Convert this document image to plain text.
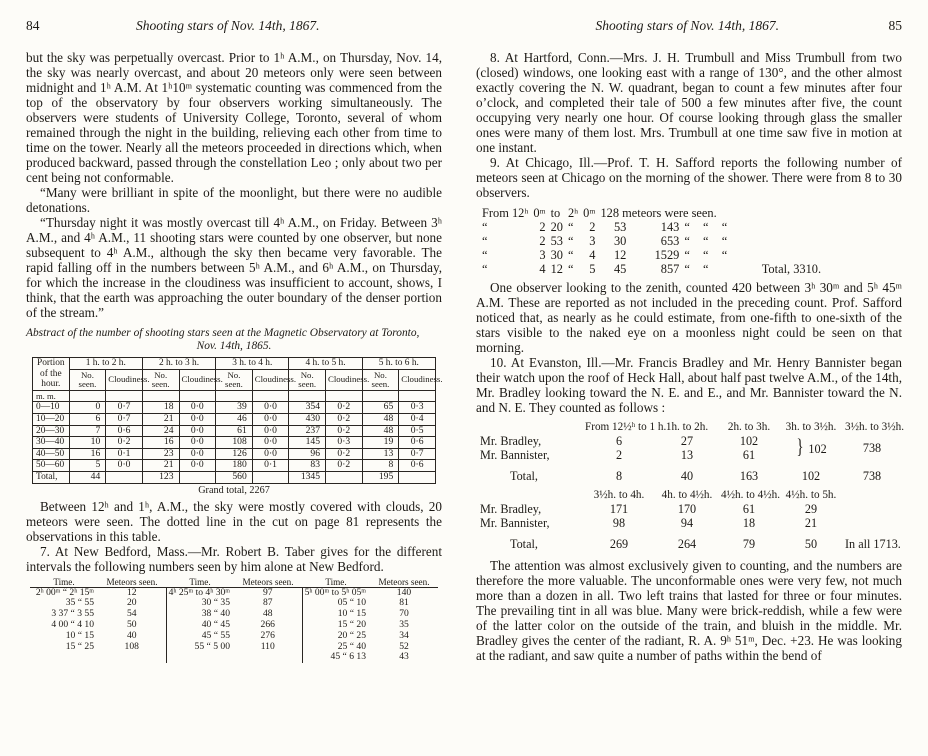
84	Shooting stars of Nov. 14th, 1867.

but the sky was perpetually overcast. Prior to 1ʰ A.M., on Thursday, Nov. 14, the sky was nearly overcast, and about 20 meteors only were seen between midnight and 1ʰ A.M. At 1ʰ10ᵐ systematic counting was commenced from the top of the observatory by four observers working simultaneously. The observers were students of University College, Toronto, several of whom remained through the night in the building, relieving each other from time to time on the tower. Nearly all the meteors proceeded in directions which, when produced backward, passed through the constellation Leo ; only about two per cent being not conformable.

“Many were brilliant in spite of the moonlight, but there were no audible detonations.

“Thursday night it was mostly overcast till 4ʰ A.M., on Friday. Between 3ʰ A.M., and 4ʰ A.M., 11 shooting stars were counted by one observer, but none subsequent to 4ʰ A.M., although the sky then became very favorable. The rapid falling off in the numbers between 5ʰ A.M., and 6ʰ A.M., on Thursday, for which the increase in the cloudiness was insufficient to account, shows, I think, that the earth was approaching the outer boundary of the denser portion of the stream.”

Abstract of the number of shooting stars seen at the Magnetic Observatory at Toronto,
Nov. 14th, 1865.
Portion of the hour.	1 h. to 2 h.		2 h. to 3 h.		3 h. to 4 h.		4 h. to 5 h.		5 h. to 6 h.	
	No. seen.	Cloudiness.	No. seen.	Cloudiness.	No. seen.	Cloudiness.	No. seen.	Cloudiness.	No. seen.	Cloudiness.
m. m.										
0—10	0	0·7	18	0·0	39	0·0	354	0·2	65	0·3
10—20	6	0·7	21	0·0	46	0·0	430	0·2	48	0·4
20—30	7	0·6	24	0·0	61	0·0	237	0·2	48	0·5
30—40	10	0·2	16	0·0	108	0·0	145	0·3	19	0·6
40—50	16	0·1	23	0·0	126	0·0	96	0·2	13	0·7
50—60	5	0·0	21	0·0	180	0·1	83	0·2	8	0·6
Total,	44		123		560		1345		195	
Grand total, 2267

Between 12ʰ and 1ʰ, A.M., the sky were mostly covered with clouds, 20 meteors were seen. The dotted line in the cut on page 81 represents the observations in this table.

7. At New Bedford, Mass.—Mr. Robert B. Taber gives for the different intervals the following numbers seen by him alone at New Bedford.

Time.	Meteors seen.	Time.	Meteors seen.	Time.	Meteors seen.
2ʰ 00ᵐ “ 2ʰ 15ᵐ	12	4ʰ 25ᵐ to 4ʰ 30ᵐ	97	5ʰ 00ᵐ to 5ʰ 05ᵐ	140
35 “ 55	20	30 “ 35	87	05 “ 10	81
3 37 “ 3 55	54	38 “ 40	48	10 “ 15	70
4 00 “ 4 10	50	40 “ 45	266	15 “ 20	35
10 “ 15	40	45 “ 55	276	20 “ 25	34
15 “ 25	108	55 “ 5 00	110	25 “ 40	52
				45 “ 6 13	43
Shooting stars of Nov. 14th, 1867.	85

8. At Hartford, Conn.—Mrs. J. H. Trumbull and Miss Trumbull from two (closed) windows, one looking east with a range of 130°, and the other almost exactly covering the N. W. quadrant, began to count a few minutes after four o’clock, and completed their tale of 500 a few minutes after five, the count occupying very nearly one hour. Of course looking through glass the smaller ones were many of them lost. Mrs. Trumbull at one time saw five in motion at one instant.

9. At Chicago, Ill.—Prof. T. H. Safford reports the following number of meteors seen at Chicago on the morning of the shower. There were from 8 to 30 observers.

From 12ʰ	0ᵐ	to	2ʰ	0ᵐ	128 meteors were seen.				
“	2	20	“	2	53	143	“	“	“
“	2	53	“	3	30	653	“	“	“
“	3	30	“	4	12	1529	“	“	“
“	4	12	“	5	45	857	“	“	Total, 3310.

One observer looking to the zenith, counted 420 between 3ʰ 30ᵐ and 5ʰ 45ᵐ A.M. These are reported as not included in the preceding count. Prof. Safford noticed that, as nearly as he could estimate, from one-fifth to one-sixth of the stars visible to the naked eye on a moonless night could be seen on that morning.

10. At Evanston, Ill.—Mr. Francis Bradley and Mr. Henry Bannister began their watch upon the roof of Heck Hall, about half past twelve A.M., of the 14th, Mr. Bradley looking toward the N. E. and E., and Mr. Bannister toward the N. and N. E. They counted as follows :

	From 12½ʰ to 1 h.	1h. to 2h.	2h. to 3h.	3h. to 3½h.	3½h. to 3½h.
Mr. Bradley,	6	27	102	} 102	738
Mr. Bannister,	2	13	61		

Total,	8	40	163	102	738
	3½h. to 4h.	4h. to 4½h.	4½h. to 4½h.	4½h. to 5h.	
Mr. Bradley,	171	170	61	29	
Mr. Bannister,	98	94	18	21	

Total,	269	264	79	50	In all 1713.

The attention was almost exclusively given to counting, and the numbers are therefore the more valuable. The unconformable ones were very few, not much more than a dozen in all. Two left trains that lasted for three or four minutes. The prevailing tint in all was blue. Many were brick-reddish, while a few were of the latter color on the outside of the train, and bluish in the middle. Mr. Bradley gives the center of the radiant, R. A. 9ʰ 51ᵐ, Dec. +23. He was looking at the radiant, and saw quite a number of paths within the bend of
